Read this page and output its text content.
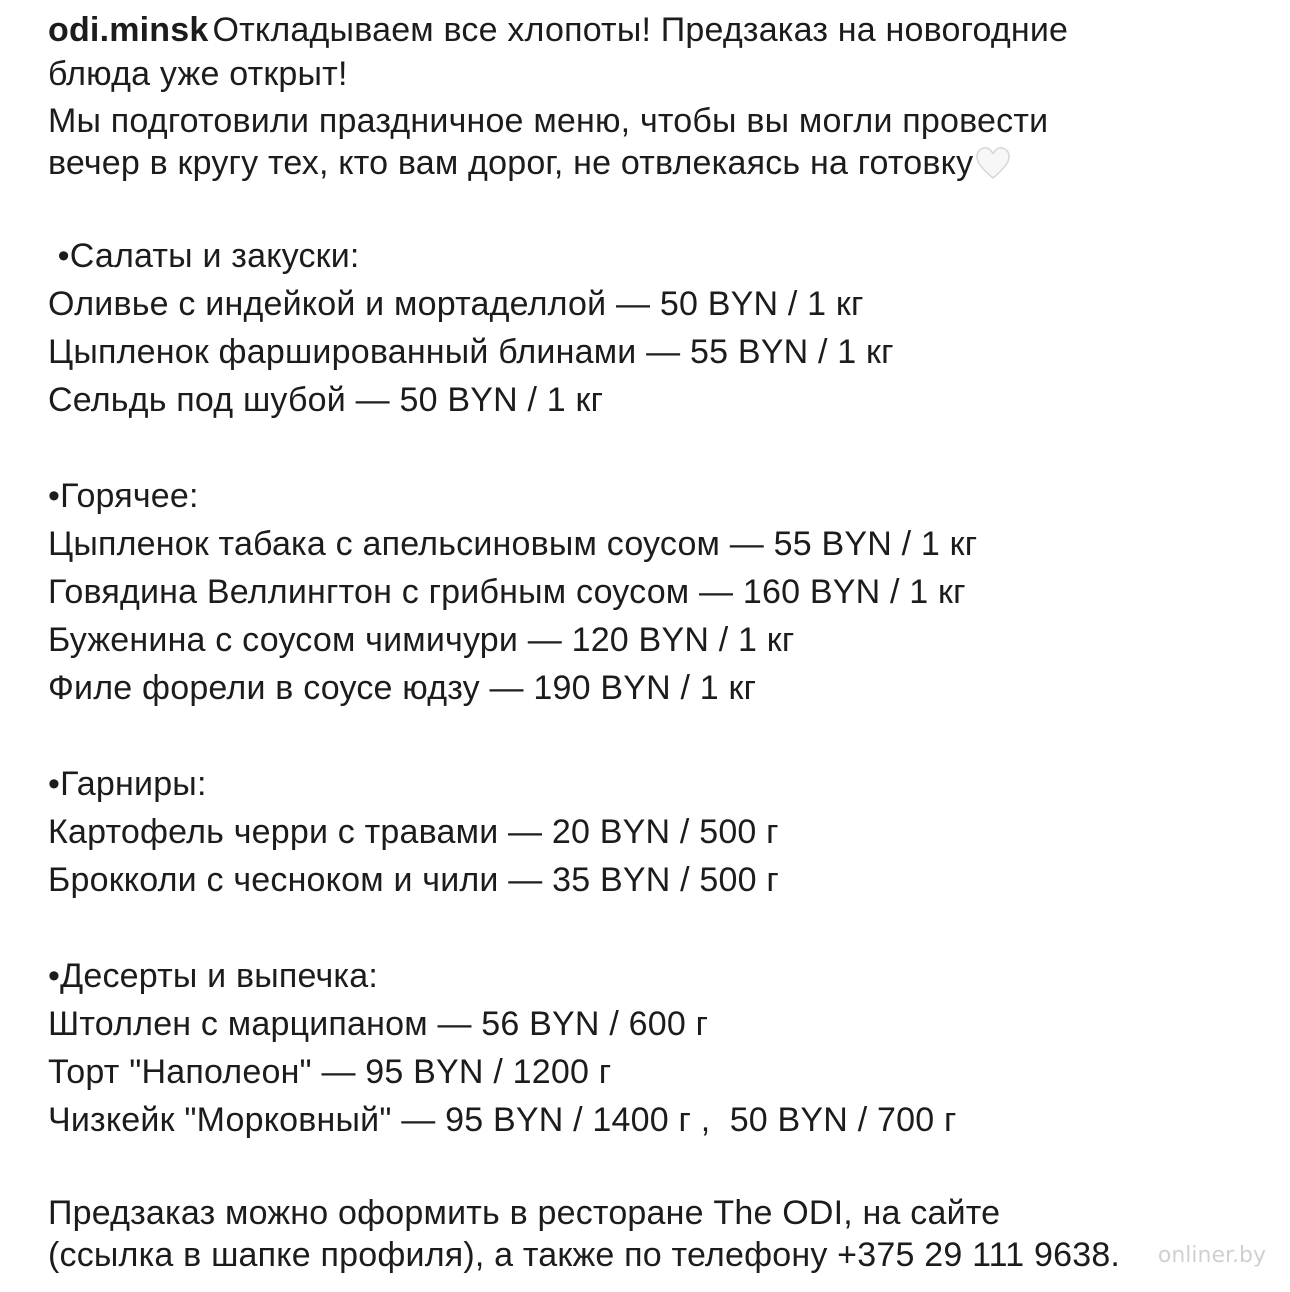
odi.minsk Откладываем все хлопоты! Предзаказ на новогодние
блюда уже открыт!
Мы подготовили праздничное меню, чтобы вы могли провести
вечер в кругу тех, кто вам дорог, не отвлекаясь на готовку
•Салаты и закуски:
Оливье с индейкой и мортаделлой — 50 BYN / 1 кг
Цыпленок фаршированный блинами — 55 BYN / 1 кг
Сельдь под шубой — 50 BYN / 1 кг
•Горячее:
Цыпленок табака с апельсиновым соусом — 55 BYN / 1 кг
Говядина Веллингтон с грибным соусом — 160 BYN / 1 кг
Буженина с соусом чимичури — 120 BYN / 1 кг
Филе форели в соусе юдзу — 190 BYN / 1 кг
•Гарниры:
Картофель черри с травами — 20 BYN / 500 г
Брокколи с чесноком и чили — 35 BYN / 500 г
•Десерты и выпечка:
Штоллен с марципаном — 56 BYN / 600 г
Торт "Наполеон" — 95 BYN / 1200 г
Чизкейк "Морковный" — 95 BYN / 1400 г ,  50 BYN / 700 г
Предзаказ можно оформить в ресторане The ODI, на сайте
(ссылка в шапке профиля), а также по телефону +375 29 111 9638.	onliner.by
